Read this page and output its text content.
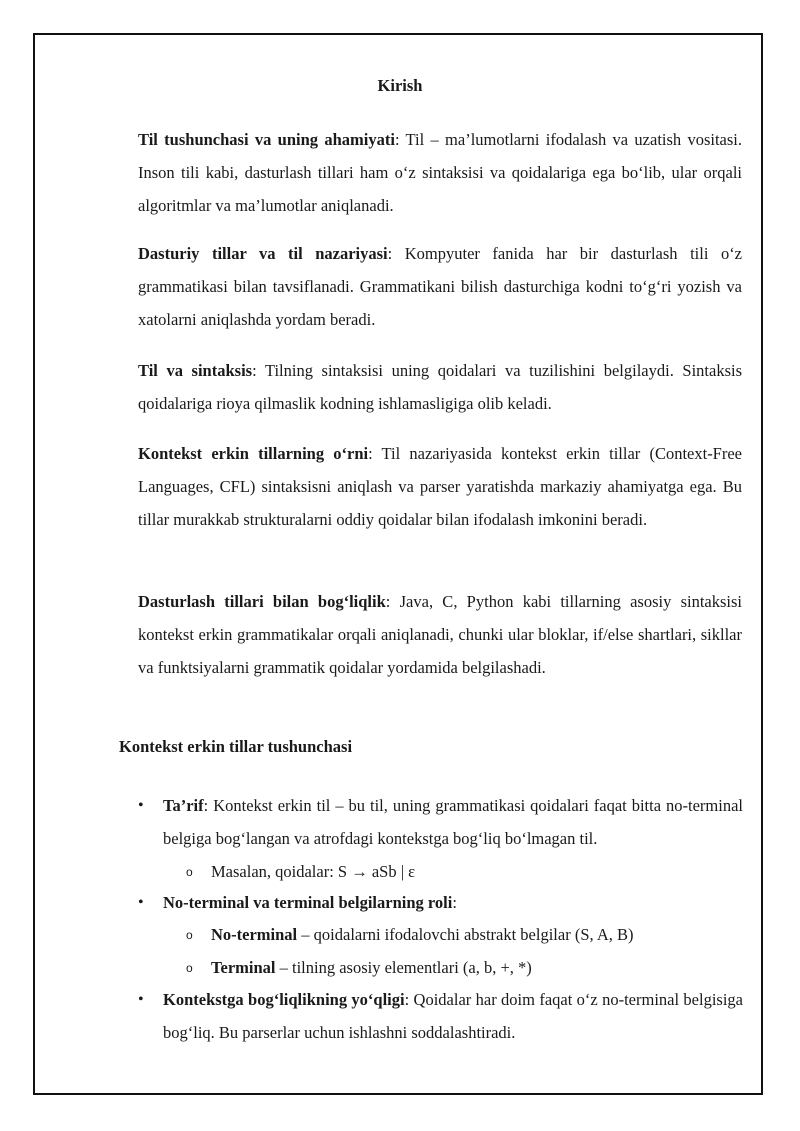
Kirish

Til tushunchasi va uning ahamiyati: Til – ma’lumotlarni ifodalash va uzatish vositasi. Inson tili kabi, dasturlash tillari ham o‘z sintaksisi va qoidalariga ega bo‘lib, ular orqali algoritmlar va ma’lumotlar aniqlanadi.

Dasturiy tillar va til nazariyasi: Kompyuter fanida har bir dasturlash tili o‘z grammatikasi bilan tavsiflanadi. Grammatikani bilish dasturchiga kodni to‘g‘ri yozish va xatolarni aniqlashda yordam beradi.

Til va sintaksis: Tilning sintaksisi uning qoidalari va tuzilishini belgilaydi. Sintaksis qoidalariga rioya qilmaslik kodning ishlamasligiga olib keladi.

Kontekst erkin tillarning o‘rni: Til nazariyasida kontekst erkin tillar (Context-Free Languages, CFL) sintaksisni aniqlash va parser yaratishda markaziy ahamiyatga ega. Bu tillar murakkab strukturalarni oddiy qoidalar bilan ifodalash imkonini beradi.

Dasturlash tillari bilan bog‘liqlik: Java, C, Python kabi tillarning asosiy sintaksisi kontekst erkin grammatikalar orqali aniqlanadi, chunki ular bloklar, if/else shartlari, sikllar va funktsiyalarni grammatik qoidalar yordamida belgilashadi.

Kontekst erkin tillar tushunchasi
• Ta’rif: Kontekst erkin til – bu til, uning grammatikasi qoidalari faqat bitta no-terminal belgiga bog‘langan va atrofdagi kontekstga bog‘liq bo‘lmagan til.
o Masalan, qoidalar: S → aSb | ε
• No-terminal va terminal belgilarning roli:
o No-terminal – qoidalarni ifodalovchi abstrakt belgilar (S, A, B)
o Terminal – tilning asosiy elementlari (a, b, +, *)
• Kontekstga bog‘liqlikning yo‘qligi: Qoidalar har doim faqat o‘z no-terminal belgisiga bog‘liq. Bu parserlar uchun ishlashni soddalashtiradi.
